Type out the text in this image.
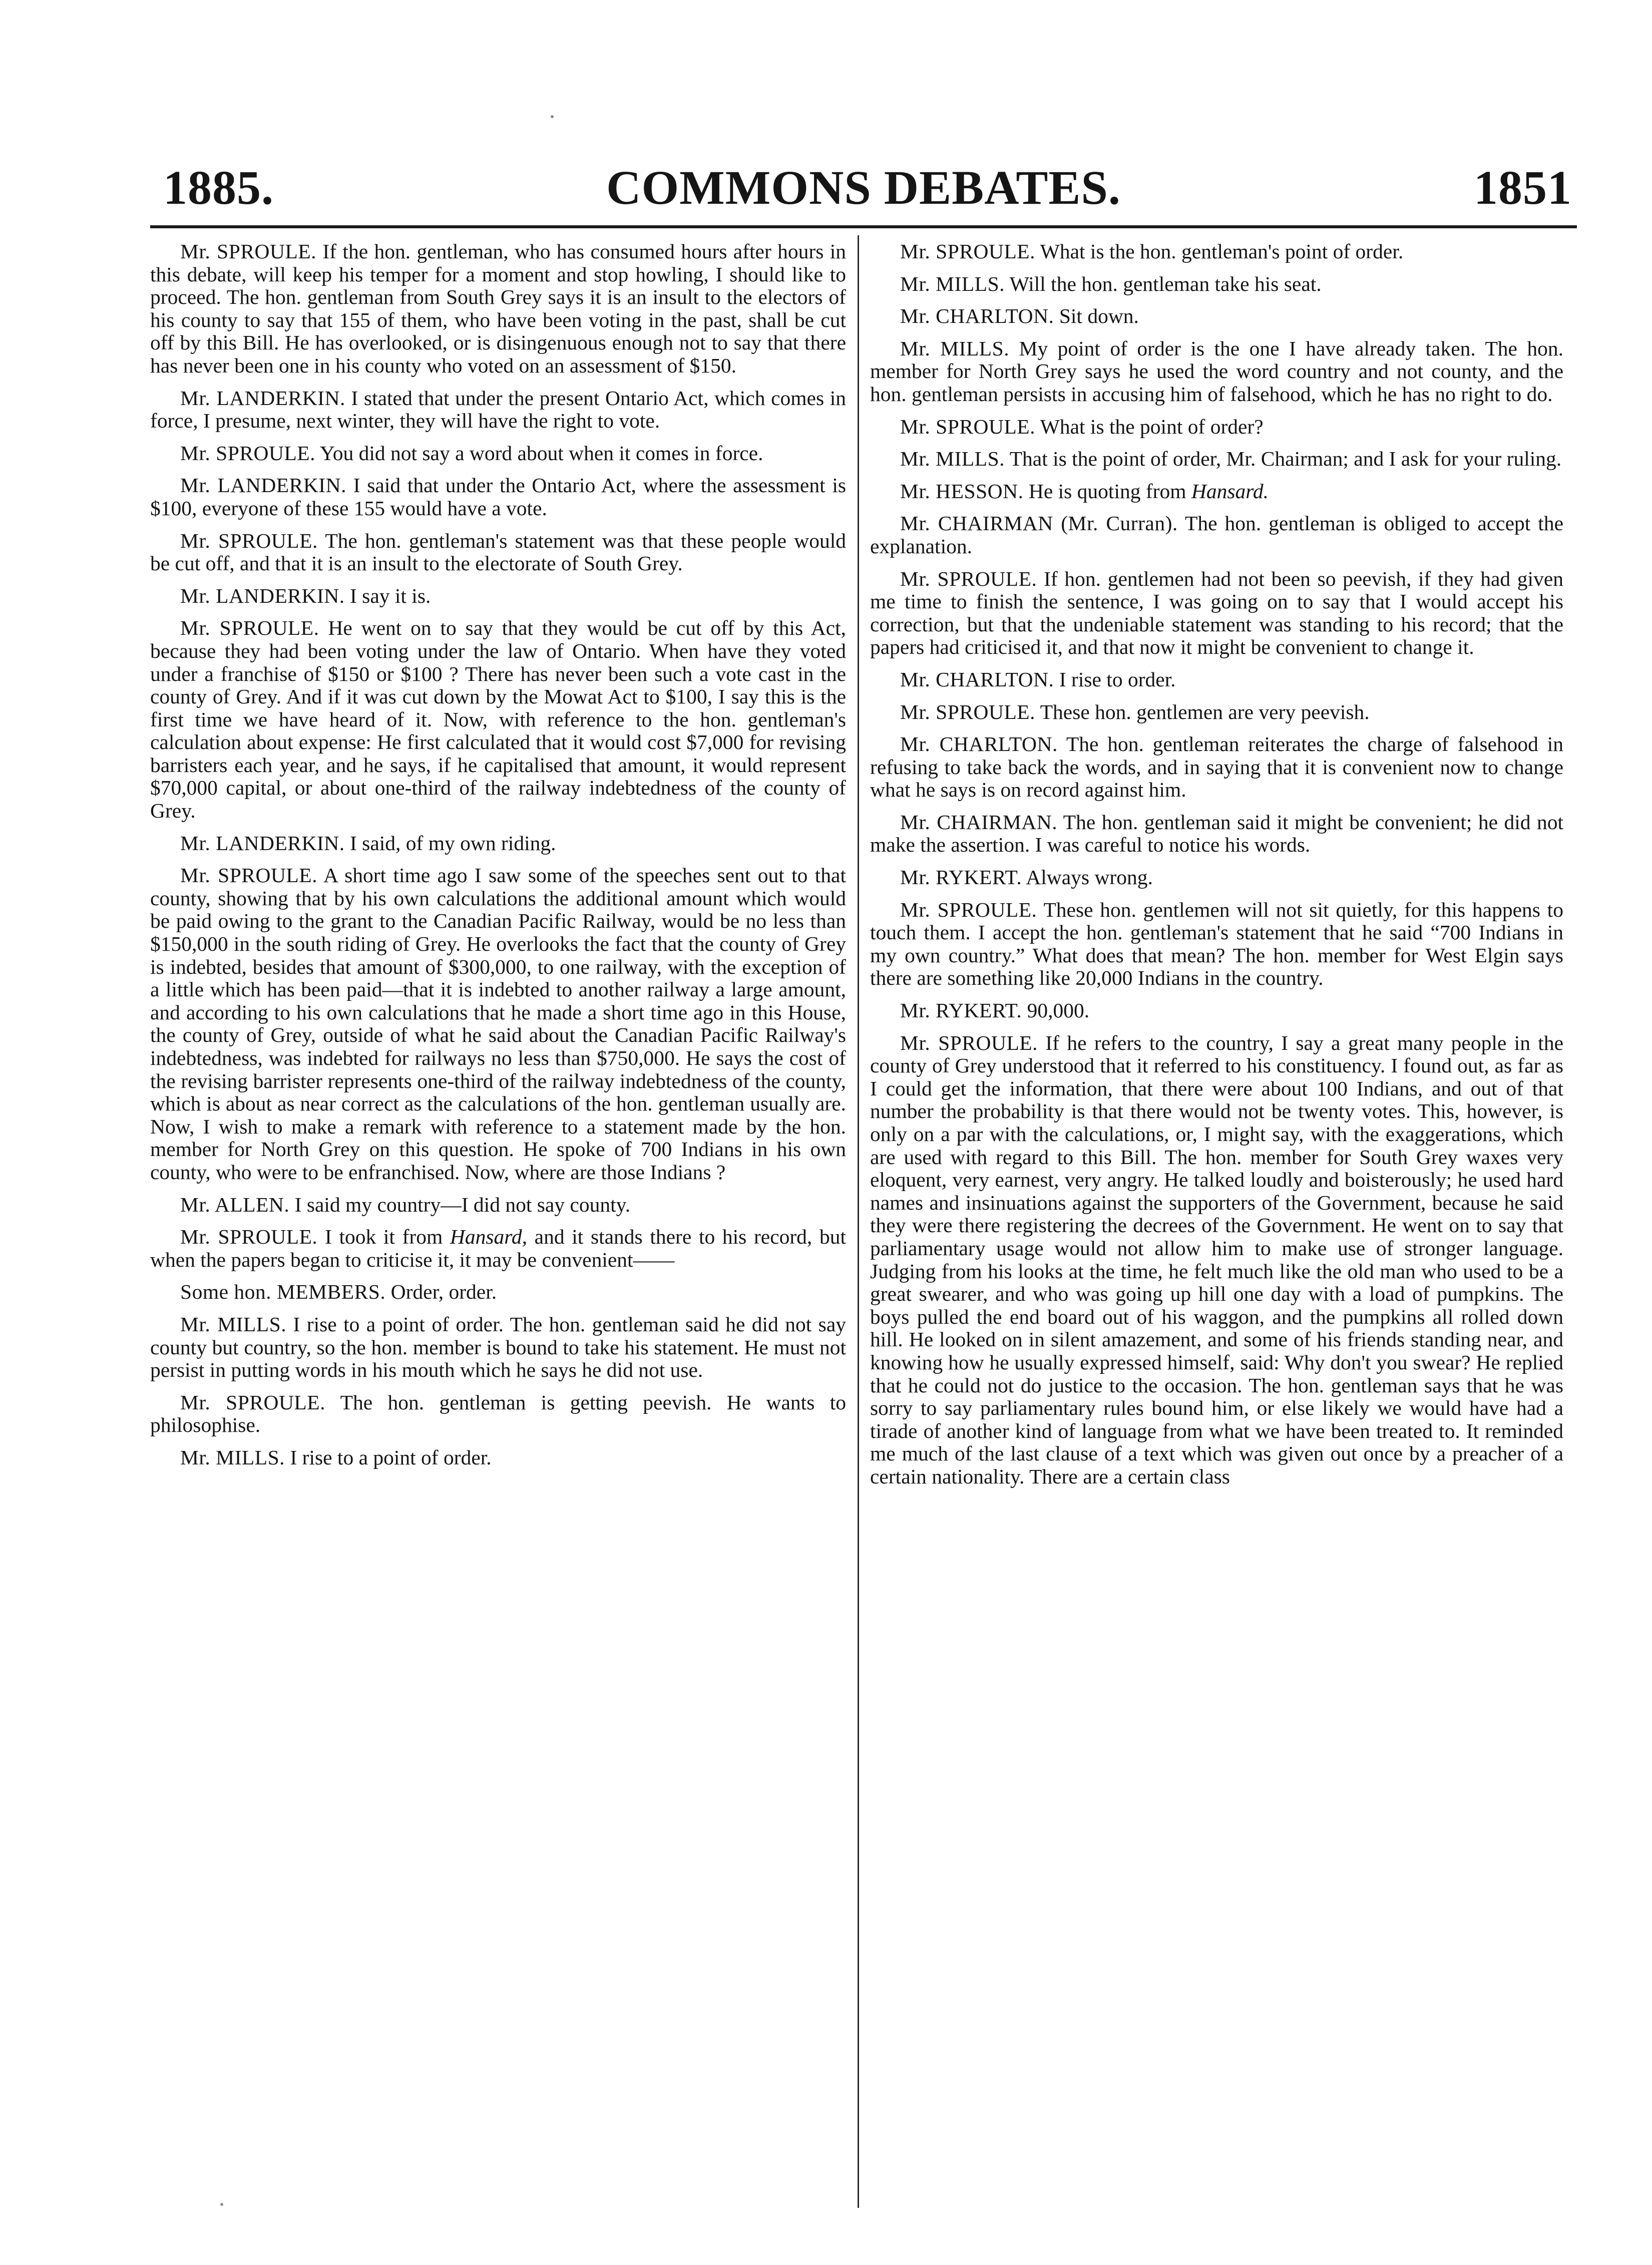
1885.	COMMONS DEBATES.	1851

Mr. SPROULE. If the hon. gentleman, who has consumed hours after hours in this debate, will keep his temper for a moment and stop howling, I should like to proceed. The hon. gentleman from South Grey says it is an insult to the electors of his county to say that 155 of them, who have been voting in the past, shall be cut off by this Bill. He has overlooked, or is disingenuous enough not to say that there has never been one in his county who voted on an assessment of $150.

Mr. LANDERKIN. I stated that under the present Ontario Act, which comes in force, I presume, next winter, they will have the right to vote.

Mr. SPROULE. You did not say a word about when it comes in force.

Mr. LANDERKIN. I said that under the Ontario Act, where the assessment is $100, everyone of these 155 would have a vote.

Mr. SPROULE. The hon. gentleman's statement was that these people would be cut off, and that it is an insult to the electorate of South Grey.

Mr. LANDERKIN. I say it is.

Mr. SPROULE. He went on to say that they would be cut off by this Act, because they had been voting under the law of Ontario. When have they voted under a franchise of $150 or $100 ? There has never been such a vote cast in the county of Grey. And if it was cut down by the Mowat Act to $100, I say this is the first time we have heard of it. Now, with reference to the hon. gentleman's calculation about expense: He first calculated that it would cost $7,000 for revising barristers each year, and he says, if he capitalised that amount, it would represent $70,000 capital, or about one-third of the railway indebtedness of the county of Grey.

Mr. LANDERKIN. I said, of my own riding.

Mr. SPROULE. A short time ago I saw some of the speeches sent out to that county, showing that by his own calculations the additional amount which would be paid owing to the grant to the Canadian Pacific Railway, would be no less than $150,000 in the south riding of Grey. He overlooks the fact that the county of Grey is indebted, besides that amount of $300,000, to one railway, with the exception of a little which has been paid—that it is indebted to another railway a large amount, and according to his own calculations that he made a short time ago in this House, the county of Grey, outside of what he said about the Canadian Pacific Railway's indebtedness, was indebted for railways no less than $750,000. He says the cost of the revising barrister represents one-third of the railway indebtedness of the county, which is about as near correct as the calculations of the hon. gentleman usually are. Now, I wish to make a remark with reference to a statement made by the hon. member for North Grey on this question. He spoke of 700 Indians in his own county, who were to be enfranchised. Now, where are those Indians ?

Mr. ALLEN. I said my country—I did not say county.

Mr. SPROULE. I took it from Hansard, and it stands there to his record, but when the papers began to criticise it, it may be convenient——

Some hon. MEMBERS. Order, order.

Mr. MILLS. I rise to a point of order. The hon. gentleman said he did not say county but country, so the hon. member is bound to take his statement. He must not persist in putting words in his mouth which he says he did not use.

Mr. SPROULE. The hon. gentleman is getting peevish. He wants to philosophise.

Mr. MILLS. I rise to a point of order.

Mr. SPROULE. What is the hon. gentleman's point of order.

Mr. MILLS. Will the hon. gentleman take his seat.

Mr. CHARLTON. Sit down.

Mr. MILLS. My point of order is the one I have already taken. The hon. member for North Grey says he used the word country and not county, and the hon. gentleman persists in accusing him of falsehood, which he has no right to do.

Mr. SPROULE. What is the point of order?

Mr. MILLS. That is the point of order, Mr. Chairman; and I ask for your ruling.

Mr. HESSON. He is quoting from Hansard.

Mr. CHAIRMAN (Mr. Curran). The hon. gentleman is obliged to accept the explanation.

Mr. SPROULE. If hon. gentlemen had not been so peevish, if they had given me time to finish the sentence, I was going on to say that I would accept his correction, but that the undeniable statement was standing to his record; that the papers had criticised it, and that now it might be convenient to change it.

Mr. CHARLTON. I rise to order.

Mr. SPROULE. These hon. gentlemen are very peevish.

Mr. CHARLTON. The hon. gentleman reiterates the charge of falsehood in refusing to take back the words, and in saying that it is convenient now to change what he says is on record against him.

Mr. CHAIRMAN. The hon. gentleman said it might be convenient; he did not make the assertion. I was careful to notice his words.

Mr. RYKERT. Always wrong.

Mr. SPROULE. These hon. gentlemen will not sit quietly, for this happens to touch them. I accept the hon. gentleman's statement that he said “700 Indians in my own country.” What does that mean? The hon. member for West Elgin says there are something like 20,000 Indians in the country.

Mr. RYKERT. 90,000.

Mr. SPROULE. If he refers to the country, I say a great many people in the county of Grey understood that it referred to his constituency. I found out, as far as I could get the information, that there were about 100 Indians, and out of that number the probability is that there would not be twenty votes. This, however, is only on a par with the calculations, or, I might say, with the exaggerations, which are used with regard to this Bill. The hon. member for South Grey waxes very eloquent, very earnest, very angry. He talked loudly and boisterously; he used hard names and insinuations against the supporters of the Government, because he said they were there registering the decrees of the Government. He went on to say that parliamentary usage would not allow him to make use of stronger language. Judging from his looks at the time, he felt much like the old man who used to be a great swearer, and who was going up hill one day with a load of pumpkins. The boys pulled the end board out of his waggon, and the pumpkins all rolled down hill. He looked on in silent amazement, and some of his friends standing near, and knowing how he usually expressed himself, said: Why don't you swear? He replied that he could not do justice to the occasion. The hon. gentleman says that he was sorry to say parliamentary rules bound him, or else likely we would have had a tirade of another kind of language from what we have been treated to. It reminded me much of the last clause of a text which was given out once by a preacher of a certain nationality. There are a certain class
